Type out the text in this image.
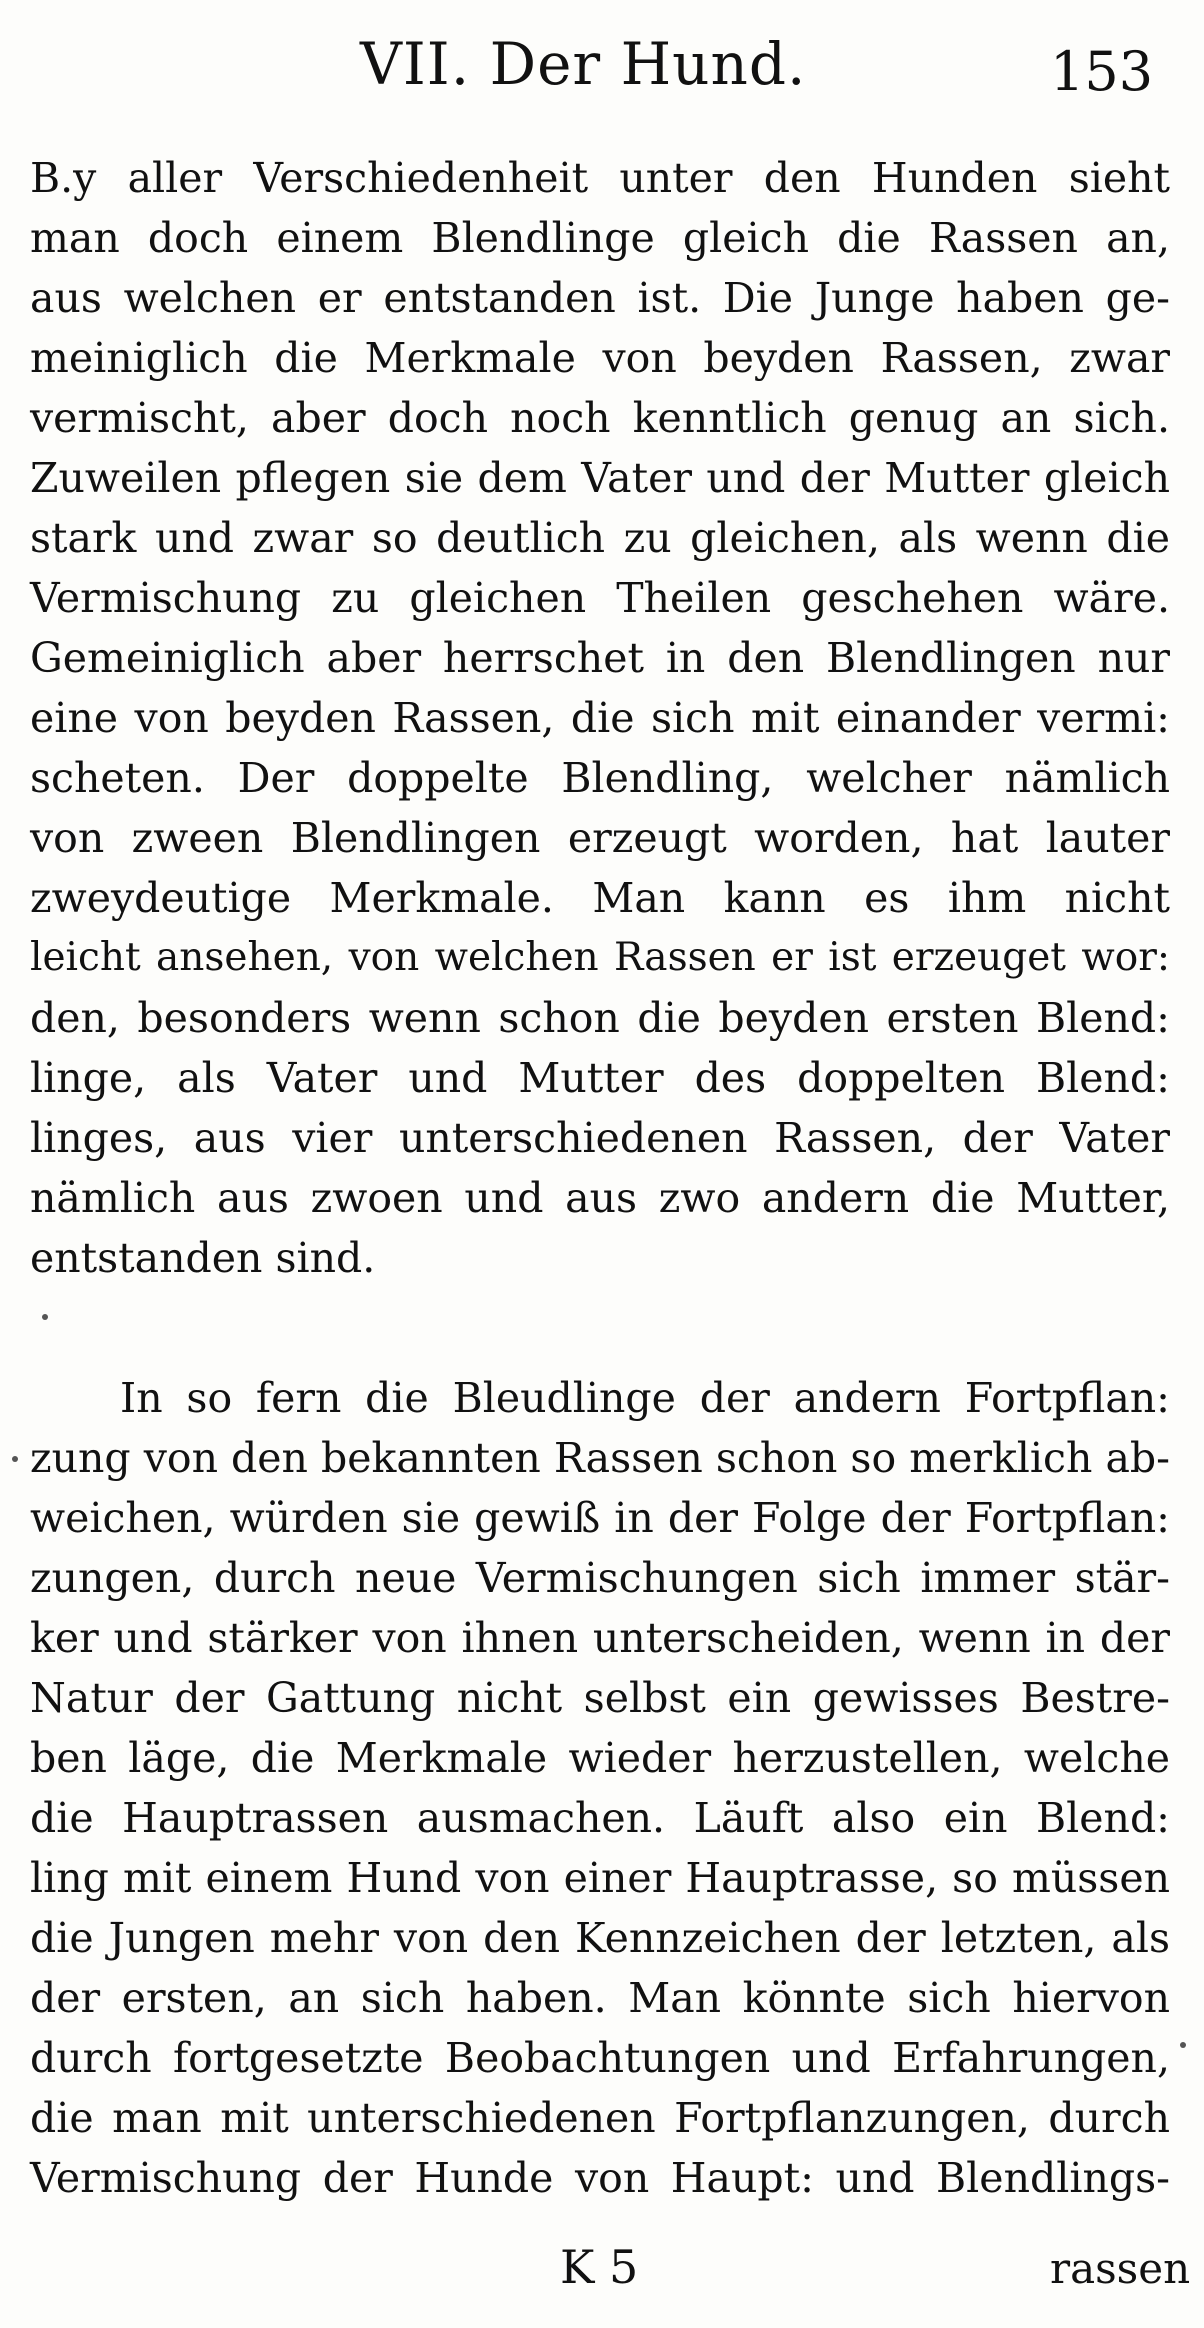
VII. Der Hund.	153
B.y aller Verschiedenheit unter den Hunden sieht
man doch einem Blendlinge gleich die Rassen an,
aus welchen er entstanden ist. Die Junge haben ge-
meiniglich die Merkmale von beyden Rassen, zwar
vermischt, aber doch noch kenntlich genug an sich.
Zuweilen pflegen sie dem Vater und der Mutter gleich
stark und zwar so deutlich zu gleichen, als wenn die
Vermischung zu gleichen Theilen geschehen wäre.
Gemeiniglich aber herrschet in den Blendlingen nur
eine von beyden Rassen, die sich mit einander vermi:
scheten. Der doppelte Blendling, welcher nämlich
von zween Blendlingen erzeugt worden, hat lauter
zweydeutige Merkmale. Man kann es ihm nicht
leicht ansehen, von welchen Rassen er ist erzeuget wor:
den, besonders wenn schon die beyden ersten Blend:
linge, als Vater und Mutter des doppelten Blend:
linges, aus vier unterschiedenen Rassen, der Vater
nämlich aus zwoen und aus zwo andern die Mutter,
entstanden sind.
In so fern die Bleudlinge der andern Fortpflan:
zung von den bekannten Rassen schon so merklich ab-
weichen, würden sie gewiß in der Folge der Fortpflan:
zungen, durch neue Vermischungen sich immer stär-
ker und stärker von ihnen unterscheiden, wenn in der
Natur der Gattung nicht selbst ein gewisses Bestre-
ben läge, die Merkmale wieder herzustellen, welche
die Hauptrassen ausmachen. Läuft also ein Blend:
ling mit einem Hund von einer Hauptrasse, so müssen
die Jungen mehr von den Kennzeichen der letzten, als
der ersten, an sich haben. Man könnte sich hiervon
durch fortgesetzte Beobachtungen und Erfahrungen,
die man mit unterschiedenen Fortpflanzungen, durch
Vermischung der Hunde von Haupt: und Blendlings-
K 5	rassen
